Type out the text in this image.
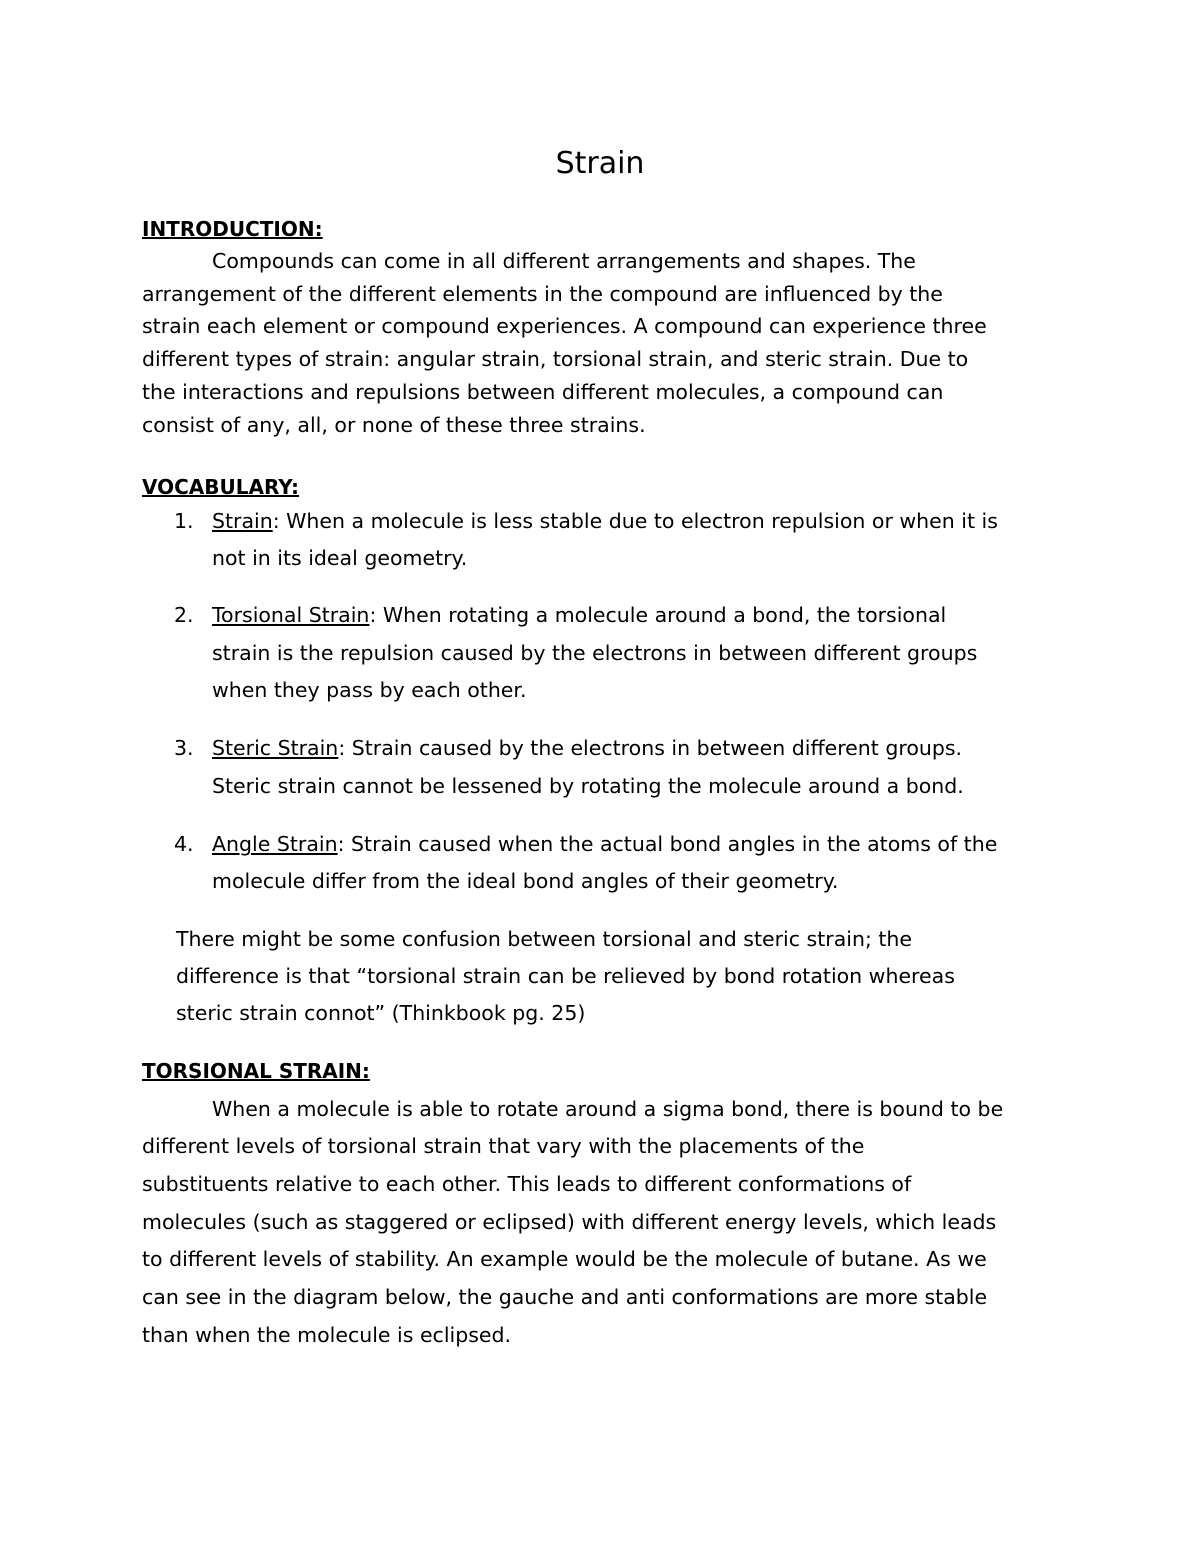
Strain
INTRODUCTION:
Compounds can come in all different arrangements and shapes. The
arrangement of the different elements in the compound are influenced by the
strain each element or compound experiences. A compound can experience three
different types of strain: angular strain, torsional strain, and steric strain. Due to
the interactions and repulsions between different molecules, a compound can
consist of any, all, or none of these three strains.
VOCABULARY:
1. Strain: When a molecule is less stable due to electron repulsion or when it is
not in its ideal geometry.
2. Torsional Strain: When rotating a molecule around a bond, the torsional
strain is the repulsion caused by the electrons in between different groups
when they pass by each other.
3. Steric Strain: Strain caused by the electrons in between different groups.
Steric strain cannot be lessened by rotating the molecule around a bond.
4. Angle Strain: Strain caused when the actual bond angles in the atoms of the
molecule differ from the ideal bond angles of their geometry.
There might be some confusion between torsional and steric strain; the
difference is that “torsional strain can be relieved by bond rotation whereas
steric strain connot” (Thinkbook pg. 25)
TORSIONAL STRAIN:
When a molecule is able to rotate around a sigma bond, there is bound to be
different levels of torsional strain that vary with the placements of the
substituents relative to each other. This leads to different conformations of
molecules (such as staggered or eclipsed) with different energy levels, which leads
to different levels of stability. An example would be the molecule of butane. As we
can see in the diagram below, the gauche and anti conformations are more stable
than when the molecule is eclipsed.
